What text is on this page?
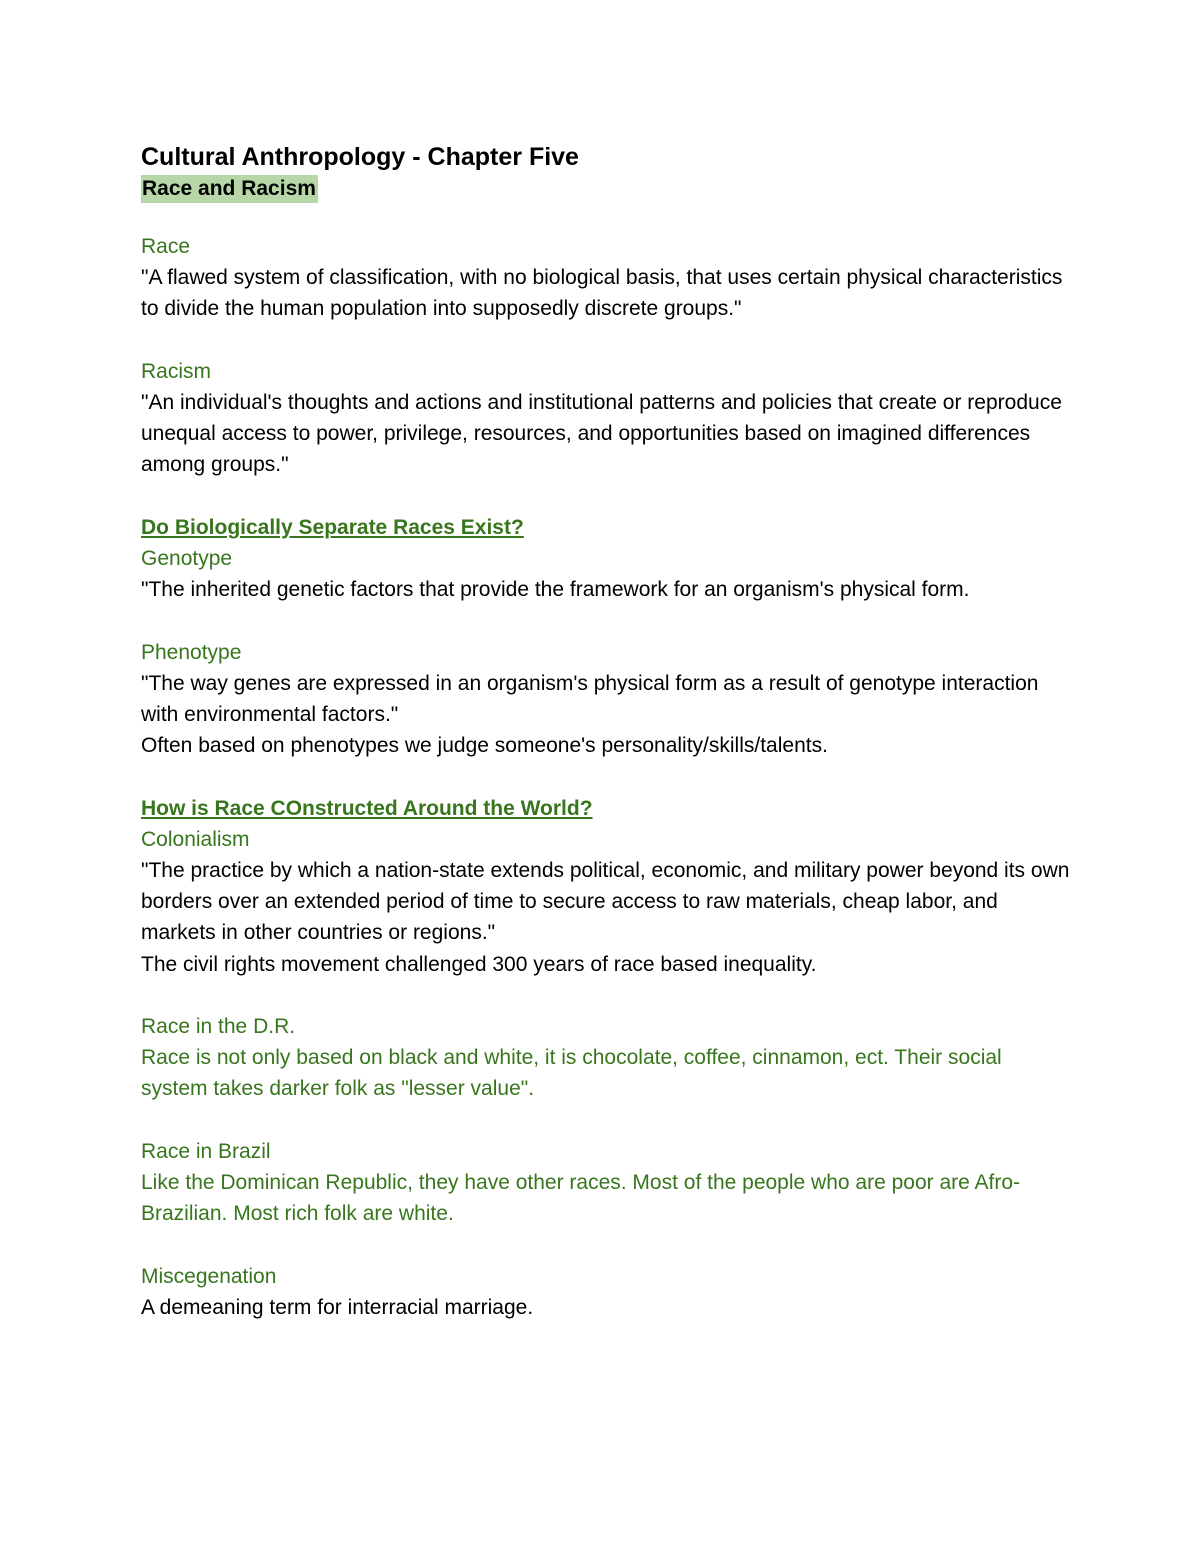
Cultural Anthropology - Chapter Five

Race and Racism

Race

"A flawed system of classification, with no biological basis, that uses certain physical characteristics to divide the human population into supposedly discrete groups."

Racism

"An individual's thoughts and actions and institutional patterns and policies that create or reproduce unequal access to power, privilege, resources, and opportunities based on imagined differences among groups."

Do Biologically Separate Races Exist?

Genotype

"The inherited genetic factors that provide the framework for an organism's physical form.

Phenotype

"The way genes are expressed in an organism's physical form as a result of genotype interaction with environmental factors."

Often based on phenotypes we judge someone's personality/skills/talents.

How is Race COnstructed Around the World?

Colonialism

"The practice by which a nation-state extends political, economic, and military power beyond its own borders over an extended period of time to secure access to raw materials, cheap labor, and markets in other countries or regions."

The civil rights movement challenged 300 years of race based inequality.

Race in the D.R.

Race is not only based on black and white, it is chocolate, coffee, cinnamon, ect. Their social system takes darker folk as "lesser value".

Race in Brazil

Like the Dominican Republic, they have other races. Most of the people who are poor are Afro-Brazilian. Most rich folk are white.

Miscegenation

A demeaning term for interracial marriage.
